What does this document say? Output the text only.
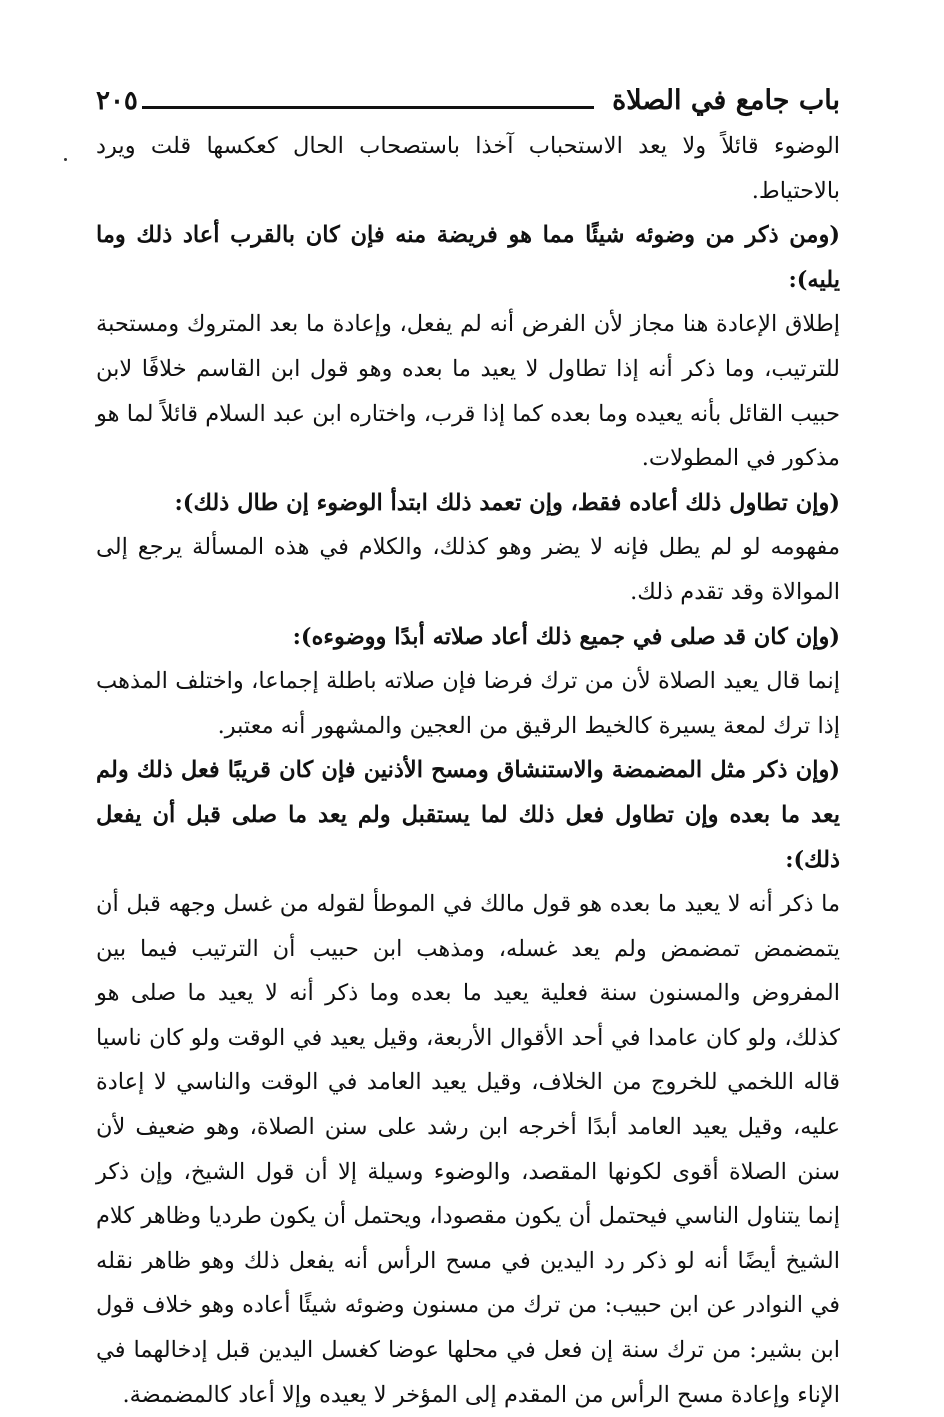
باب جامع في الصلاة
٢٠٥

الوضوء قائلاً ولا يعد الاستحباب آخذا باستصحاب الحال كعكسها قلت ويرد بالاحتياط.

(ومن ذكر من وضوئه شيئًا مما هو فريضة منه فإن كان بالقرب أعاد ذلك وما يليه):

إطلاق الإعادة هنا مجاز لأن الفرض أنه لم يفعل، وإعادة ما بعد المتروك ومستحبة للترتيب، وما ذكر أنه إذا تطاول لا يعيد ما بعده وهو قول ابن القاسم خلافًا لابن حبيب القائل بأنه يعيده وما بعده كما إذا قرب، واختاره ابن عبد السلام قائلاً لما هو مذكور في المطولات.

(وإن تطاول ذلك أعاده فقط، وإن تعمد ذلك ابتدأ الوضوء إن طال ذلك):

مفهومه لو لم يطل فإنه لا يضر وهو كذلك، والكلام في هذه المسألة يرجع إلى الموالاة وقد تقدم ذلك.

(وإن كان قد صلى في جميع ذلك أعاد صلاته أبدًا ووضوءه):

إنما قال يعيد الصلاة لأن من ترك فرضا فإن صلاته باطلة إجماعا، واختلف المذهب إذا ترك لمعة يسيرة كالخيط الرقيق من العجين والمشهور أنه معتبر.

(وإن ذكر مثل المضمضة والاستنشاق ومسح الأذنين فإن كان قريبًا فعل ذلك ولم يعد ما بعده وإن تطاول فعل ذلك لما يستقبل ولم يعد ما صلى قبل أن يفعل ذلك):

ما ذكر أنه لا يعيد ما بعده هو قول مالك في الموطأ لقوله من غسل وجهه قبل أن يتمضمض تمضمض ولم يعد غسله، ومذهب ابن حبيب أن الترتيب فيما بين المفروض والمسنون سنة فعلية يعيد ما بعده وما ذكر أنه لا يعيد ما صلى هو كذلك، ولو كان عامدا في أحد الأقوال الأربعة، وقيل يعيد في الوقت ولو كان ناسيا قاله اللخمي للخروج من الخلاف، وقيل يعيد العامد في الوقت والناسي لا إعادة عليه، وقيل يعيد العامد أبدًا أخرجه ابن رشد على سنن الصلاة، وهو ضعيف لأن سنن الصلاة أقوى لكونها المقصد، والوضوء وسيلة إلا أن قول الشيخ، وإن ذكر إنما يتناول الناسي فيحتمل أن يكون مقصودا، ويحتمل أن يكون طرديا وظاهر كلام الشيخ أيضًا أنه لو ذكر رد اليدين في مسح الرأس أنه يفعل ذلك وهو ظاهر نقله في النوادر عن ابن حبيب: من ترك من مسنون وضوئه شيئًا أعاده وهو خلاف قول ابن بشير: من ترك سنة إن فعل في محلها عوضا كغسل اليدين قبل إدخالهما في الإناء وإعادة مسح الرأس من المقدم إلى المؤخر لا يعيده وإلا أعاد كالمضمضة.
